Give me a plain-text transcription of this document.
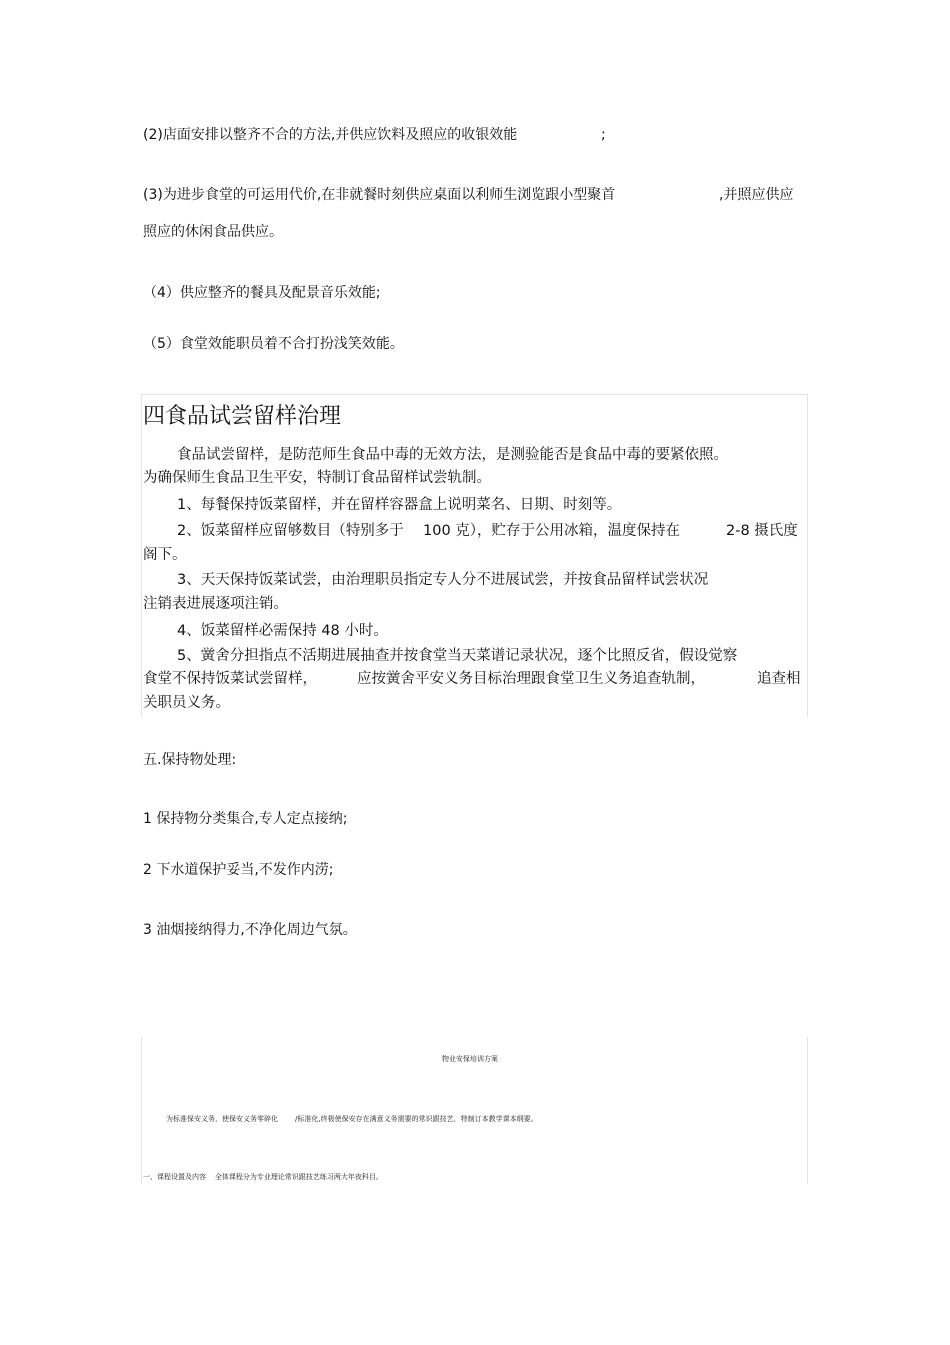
(2)店面安排以整齐不合的方法,并供应饮料及照应的收银效能	;
(3)为进步食堂的可运用代价,在非就餐时刻供应桌面以利师生浏览跟小型聚首	,并照应供应
照应的休闲食品供应。
（4）供应整齐的餐具及配景音乐效能;
（5）食堂效能职员着不合打扮浅笑效能。
四食品试尝留样治理
食品试尝留样，是防范师生食品中毒的无效方法，是测验能否是食品中毒的要紧依照。
为确保师生食品卫生平安，特制订食品留样试尝轨制。
1、每餐保持饭菜留样，并在留样容器盒上说明菜名、日期、时刻等。
2、饭菜留样应留够数目（特别多于 100 克），贮存于公用冰箱，温度保持在	2-8 摄氏度
阁下。
3、天天保持饭菜试尝，由治理职员指定专人分不进展试尝，并按食品留样试尝状况
注销表进展逐项注销。
4、饭菜留样必需保持 48 小时。
5、黉舍分担指点不活期进展抽查并按食堂当天菜谱记录状况，逐个比照反省，假设觉察
食堂不保持饭菜试尝留样，	应按黉舍平安义务目标治理跟食堂卫生义务追查轨制，	追查相
关职员义务。
五.保持物处理:
1 保持物分类集合,专人定点接纳;
2 下水道保护妥当,不发作内涝;
3 油烟接纳得力,不净化周边气氛。
物业安保培训方案
为标准保安义务，使保安义务零碎化 /标准化,终极使保安存在满意义务需要的常识跟技艺，特制订本教学课本纲要。
一、课程设置及内容    全体课程分为专业理论常识跟技艺练习两大年夜科目。
